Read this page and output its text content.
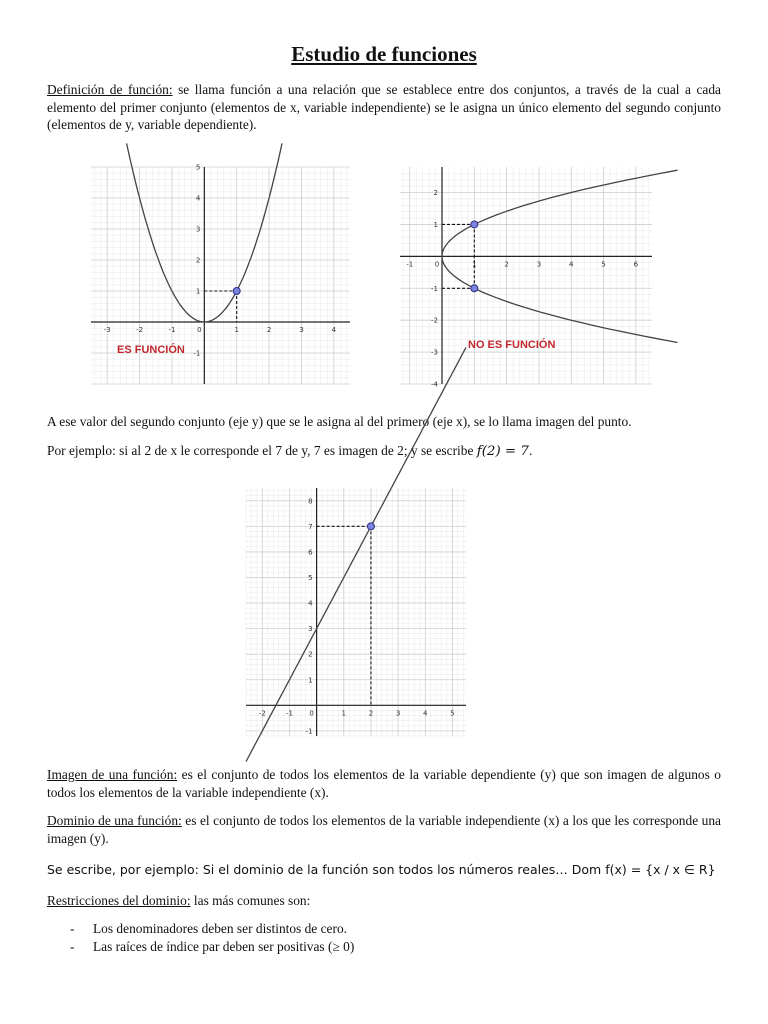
Estudio de funciones
Definición de función: se llama función a una relación que se establece entre dos conjuntos, a través de la cual a cada elemento del primer conjunto (elementos de x, variable independiente) se le asigna un único elemento del segundo conjunto (elementos de y, variable dependiente).
-3	-2	-1	0	1	2	3	4
-1
1
2
3
4
5
ES FUNCIÓN
-1	0	1	2	3	4	5	6
2
1
-1
-2
-3
-4
NO ES FUNCIÓN
A ese valor del segundo conjunto (eje y) que se le asigna al del primero (eje x), se lo llama imagen del punto.
Por ejemplo: si al 2 de x le corresponde el 7 de y, 7 es imagen de 2; y se escribe f(2) = 7.
-2	-1 0	1	2	3	4	5
8
7
6
5
4
3
2
1
-1
Imagen de una función: es el conjunto de todos los elementos de la variable dependiente (y) que son imagen de algunos o todos los elementos de la variable independiente (x).
Dominio de una función: es el conjunto de todos los elementos de la variable independiente (x) a los que les corresponde una imagen (y).
Se escribe, por ejemplo: Si el dominio de la función son todos los números reales… Dom f(x) = {x / x ∈ R}
Restricciones del dominio: las más comunes son:
- Los denominadores deben ser distintos de cero.
- Las raíces de índice par deben ser positivas (≥ 0)
